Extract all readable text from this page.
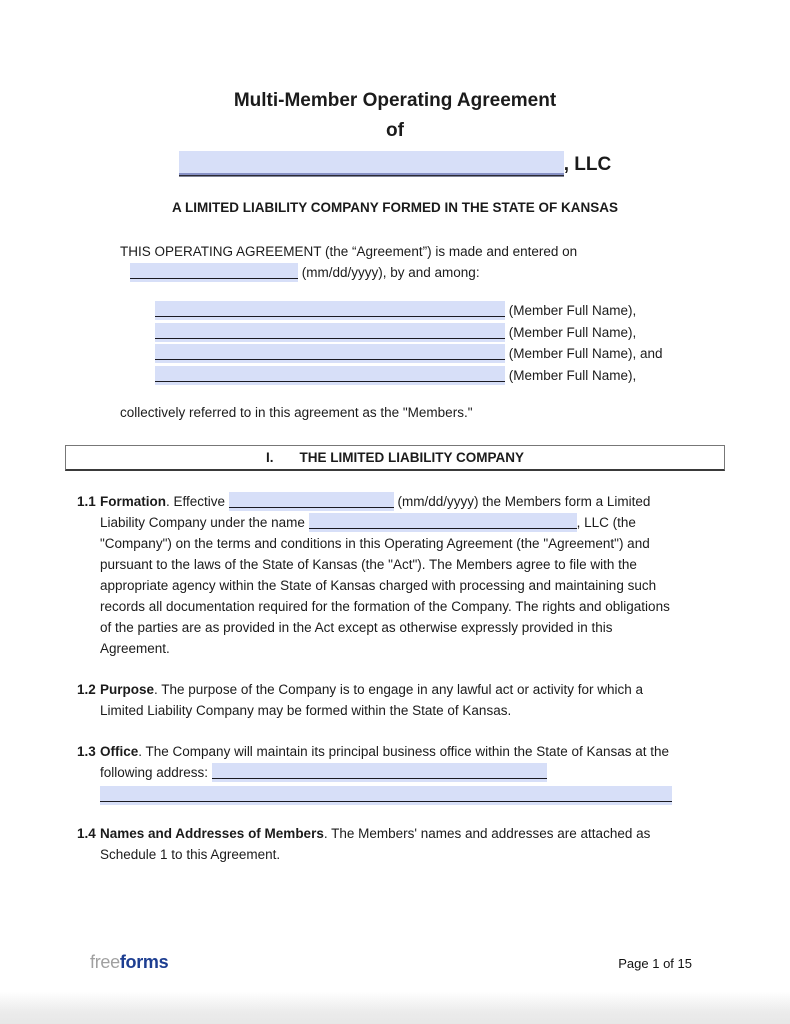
Multi-Member Operating Agreement
of
, LLC
A LIMITED LIABILITY COMPANY FORMED IN THE STATE OF KANSAS
THIS OPERATING AGREEMENT (the “Agreement”) is made and entered on
(mm/dd/yyyy), by and among:
(Member Full Name),
(Member Full Name),
(Member Full Name), and
(Member Full Name),
collectively referred to in this agreement as the "Members."
I. THE LIMITED LIABILITY COMPANY
1.1 Formation. Effective	(mm/dd/yyyy) the Members form a Limited Liability Company under the name	, LLC (the "Company") on the terms and conditions in this Operating Agreement (the "Agreement") and pursuant to the laws of the State of Kansas (the "Act"). The Members agree to file with the appropriate agency within the State of Kansas charged with processing and maintaining such records all documentation required for the formation of the Company. The rights and obligations of the parties are as provided in the Act except as otherwise expressly provided in this Agreement.
1.2 Purpose. The purpose of the Company is to engage in any lawful act or activity for which a Limited Liability Company may be formed within the State of Kansas.
1.3 Office. The Company will maintain its principal business office within the State of Kansas at the following address:
1.4 Names and Addresses of Members. The Members' names and addresses are attached as Schedule 1 to this Agreement.
freeforms	Page 1 of 15
